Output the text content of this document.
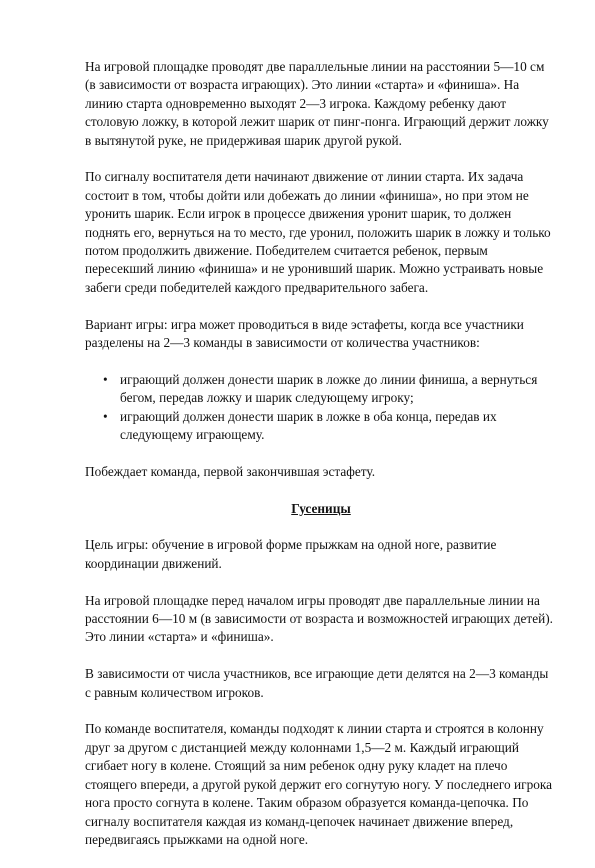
На игровой площадке проводят две параллельные линии на расстоянии 5—10 см (в зависимости от возраста играющих). Это линии «старта» и «финиша». На линию старта одновременно выходят 2—3 игрока. Каждому ребенку дают столовую ложку, в которой лежит шарик от пинг-понга. Играющий держит ложку в вытянутой руке, не придерживая шарик другой рукой.

По сигналу воспитателя дети начинают движение от линии старта. Их задача состоит в том, чтобы дойти или добежать до линии «финиша», но при этом не уронить шарик. Если игрок в процессе движения уронит шарик, то должен поднять его, вернуться на то место, где уронил, положить шарик в ложку и только потом продолжить движение. Победителем считается ребенок, первым пересекший линию «финиша» и не уронивший шарик. Можно устраивать новые забеги среди победителей каждого предварительного забега.

Вариант игры: игра может проводиться в виде эстафеты, когда все участники разделены на 2—3 команды в зависимости от количества участников:

• играющий должен донести шарик в ложке до линии финиша, а вернуться бегом, передав ложку и шарик следующему игроку;
• играющий должен донести шарик в ложке в оба конца, передав их следующему играющему.

Побеждает команда, первой закончившая эстафету.

Гусеницы

Цель игры: обучение в игровой форме прыжкам на одной ноге, развитие координации движений.

На игровой площадке перед началом игры проводят две параллельные линии на расстоянии 6—10 м (в зависимости от возраста и возможностей играющих детей). Это линии «старта» и «финиша».

В зависимости от числа участников, все играющие дети делятся на 2—3 команды с равным количеством игроков.

По команде воспитателя, команды подходят к линии старта и строятся в колонну друг за другом с дистанцией между колоннами 1,5—2 м. Каждый играющий сгибает ногу в колене. Стоящий за ним ребенок одну руку кладет на плечо стоящего впереди, а другой рукой держит его согнутую ногу. У последнего игрока нога просто согнута в колене. Таким образом образуется команда-цепочка. По сигналу воспитателя каждая из команд-цепочек начинает движение вперед, передвигаясь прыжками на одной ноге.
